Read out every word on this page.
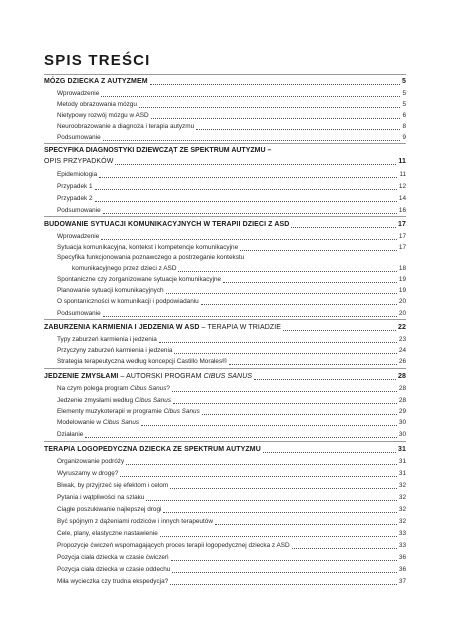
SPIS TREŚCI
MÓZG DZIECKA Z AUTYZMEM	5
Wprowadzenie	5
Metody obrazowania mózgu	5
Nietypowy rozwój mózgu w ASD	6
Neuroobrazowanie a diagnoza i terapia autyzmu	8
Podsumowanie	9
SPECYFIKA DIAGNOSTYKI DZIEWCZĄT ZE SPEKTRUM AUTYZMU –
OPIS PRZYPADKÓW	11
Epidemiologia	11
Przypadek 1	12
Przypadek 2	14
Podsumowanie	16
BUDOWANIE SYTUACJI KOMUNIKACYJNYCH W TERAPII DZIECI Z ASD	17
Wprowadzenie	17
Sytuacja komunikacyjna, kontekst i kompetencje komunikacyjne	17
Specyfika funkcjonowania poznawczego a postrzeganie kontekstu
komunikacyjnego przez dzieci z ASD	18
Spontaniczne czy zorganizowane sytuacje komunikacyjne	19
Planowanie sytuacji komunikacyjnych	19
O spontaniczności w komunikacji i podpowiadaniu	20
Podsumowanie	20
ZABURZENIA KARMIENIA I JEDZENIA W ASD – TERAPIA W TRIADZIE	22
Typy zaburzeń karmienia i jedzenia	23
Przyczyny zaburzeń karmienia i jedzenia	24
Strategia terapeutyczna według koncepcji Castillo Morales®	26
JEDZENIE ZMYSŁAMI – AUTORSKI PROGRAM CIBUS SANUS	28
Na czym polega program Cibus Sanus?	28
Jedzenie zmysłami według Cibus Sanus	28
Elementy muzykoterapii w programie Cibus Sanus	29
Modelowanie w Cibus Sanus	30
Działanie	30
TERAPIA LOGOPEDYCZNA DZIECKA ZE SPEKTRUM AUTYZMU	31
Organizowanie podróży	31
Wyruszamy w drogę?	31
Biwak, by przyjrzeć się efektom i celom	32
Pytania i wątpliwości na szlaku	32
Ciągłe poszukiwanie najlepszej drogi	32
Być spójnym z dążeniami rodziców i innych terapeutów	32
Cele, plany, elastyczne nastawienie	33
Propozycje ćwiczeń wspomagających proces terapii logopedycznej dziecka z ASD	33
Pozycja ciała dziecka w czasie ćwiczeń	36
Pozycja ciała dziecka w czasie oddechu	36
Miła wycieczka czy trudna ekspedycja?	37
